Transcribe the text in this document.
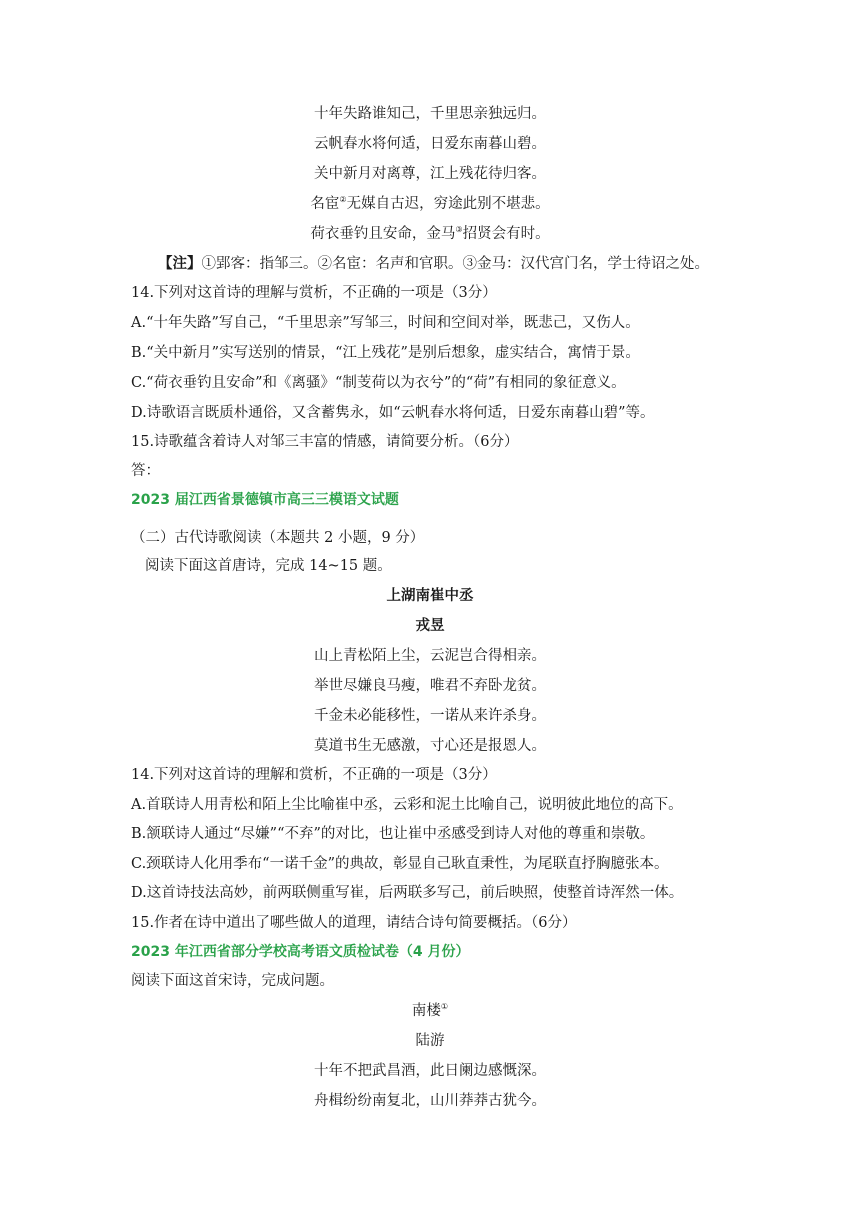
十年失路谁知己，千里思亲独远归。
云帆春水将何适，日爱东南暮山碧。
关中新月对离尊，江上残花待归客。
名宦②无媒自古迟，穷途此别不堪悲。
荷衣垂钓且安命，金马③招贤会有时。
【注】①郢客：指邹三。②名宦：名声和官职。③金马：汉代宫门名，学士待诏之处。
14.下列对这首诗的理解与赏析，不正确的一项是（3分）
A.“十年失路”写自己，“千里思亲”写邹三，时间和空间对举，既悲己，又伤人。
B.“关中新月”实写送别的情景，“江上残花”是别后想象，虚实结合，寓情于景。
C.“荷衣垂钓且安命”和《离骚》“制芰荷以为衣兮”的“荷”有相同的象征意义。
D.诗歌语言既质朴通俗，又含蓄隽永，如“云帆春水将何适，日爱东南暮山碧”等。
15.诗歌蕴含着诗人对邹三丰富的情感，请简要分析。（6分）
答：
2023 届江西省景德镇市高三三模语文试题
（二）古代诗歌阅读（本题共 2 小题，9 分）
阅读下面这首唐诗，完成 14~15 题。
上湖南崔中丞
戎昱
山上青松陌上尘，云泥岂合得相亲。
举世尽嫌良马瘦，唯君不弃卧龙贫。
千金未必能移性，一诺从来许杀身。
莫道书生无感激，寸心还是报恩人。
14.下列对这首诗的理解和赏析，不正确的一项是（3分）
A.首联诗人用青松和陌上尘比喻崔中丞，云彩和泥土比喻自己，说明彼此地位的高下。
B.颔联诗人通过“尽嫌”“不弃”的对比，也让崔中丞感受到诗人对他的尊重和崇敬。
C.颈联诗人化用季布“一诺千金”的典故，彰显自己耿直秉性，为尾联直抒胸臆张本。
D.这首诗技法高妙，前两联侧重写崔，后两联多写己，前后映照，使整首诗浑然一体。
15.作者在诗中道出了哪些做人的道理，请结合诗句简要概括。（6分）
2023 年江西省部分学校高考语文质检试卷（4 月份）
阅读下面这首宋诗，完成问题。
南楼①
陆游
十年不把武昌酒，此日阑边感慨深。
舟楫纷纷南复北，山川莽莽古犹今。
